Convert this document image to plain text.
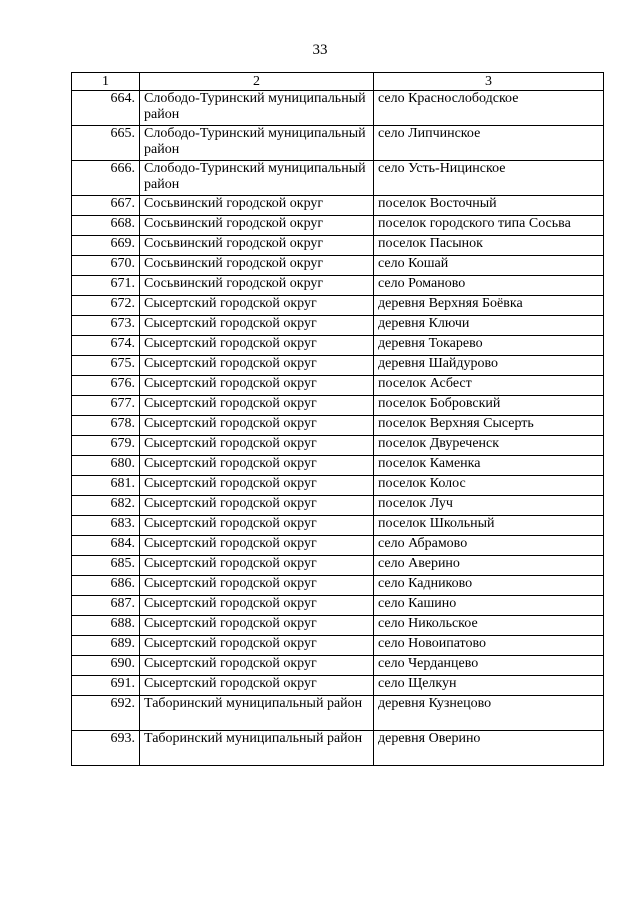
33
1	2	3
664.	Слободо-Туринский муниципальный район	село Краснослободское
665.	Слободо-Туринский муниципальный район	село Липчинское
666.	Слободо-Туринский муниципальный район	село Усть-Ницинское
667.	Сосьвинский городской округ	поселок Восточный
668.	Сосьвинский городской округ	поселок городского типа Сосьва
669.	Сосьвинский городской округ	поселок Пасынок
670.	Сосьвинский городской округ	село Кошай
671.	Сосьвинский городской округ	село Романово
672.	Сысертский городской округ	деревня Верхняя Боёвка
673.	Сысертский городской округ	деревня Ключи
674.	Сысертский городской округ	деревня Токарево
675.	Сысертский городской округ	деревня Шайдурово
676.	Сысертский городской округ	поселок Асбест
677.	Сысертский городской округ	поселок Бобровский
678.	Сысертский городской округ	поселок Верхняя Сысерть
679.	Сысертский городской округ	поселок Двуреченск
680.	Сысертский городской округ	поселок Каменка
681.	Сысертский городской округ	поселок Колос
682.	Сысертский городской округ	поселок Луч
683.	Сысертский городской округ	поселок Школьный
684.	Сысертский городской округ	село Абрамово
685.	Сысертский городской округ	село Аверино
686.	Сысертский городской округ	село Кадниково
687.	Сысертский городской округ	село Кашино
688.	Сысертский городской округ	село Никольское
689.	Сысертский городской округ	село Новоипатово
690.	Сысертский городской округ	село Черданцево
691.	Сысертский городской округ	село Щелкун
692.	Таборинский муниципальный район	деревня Кузнецово
693.	Таборинский муниципальный район	деревня Оверино
